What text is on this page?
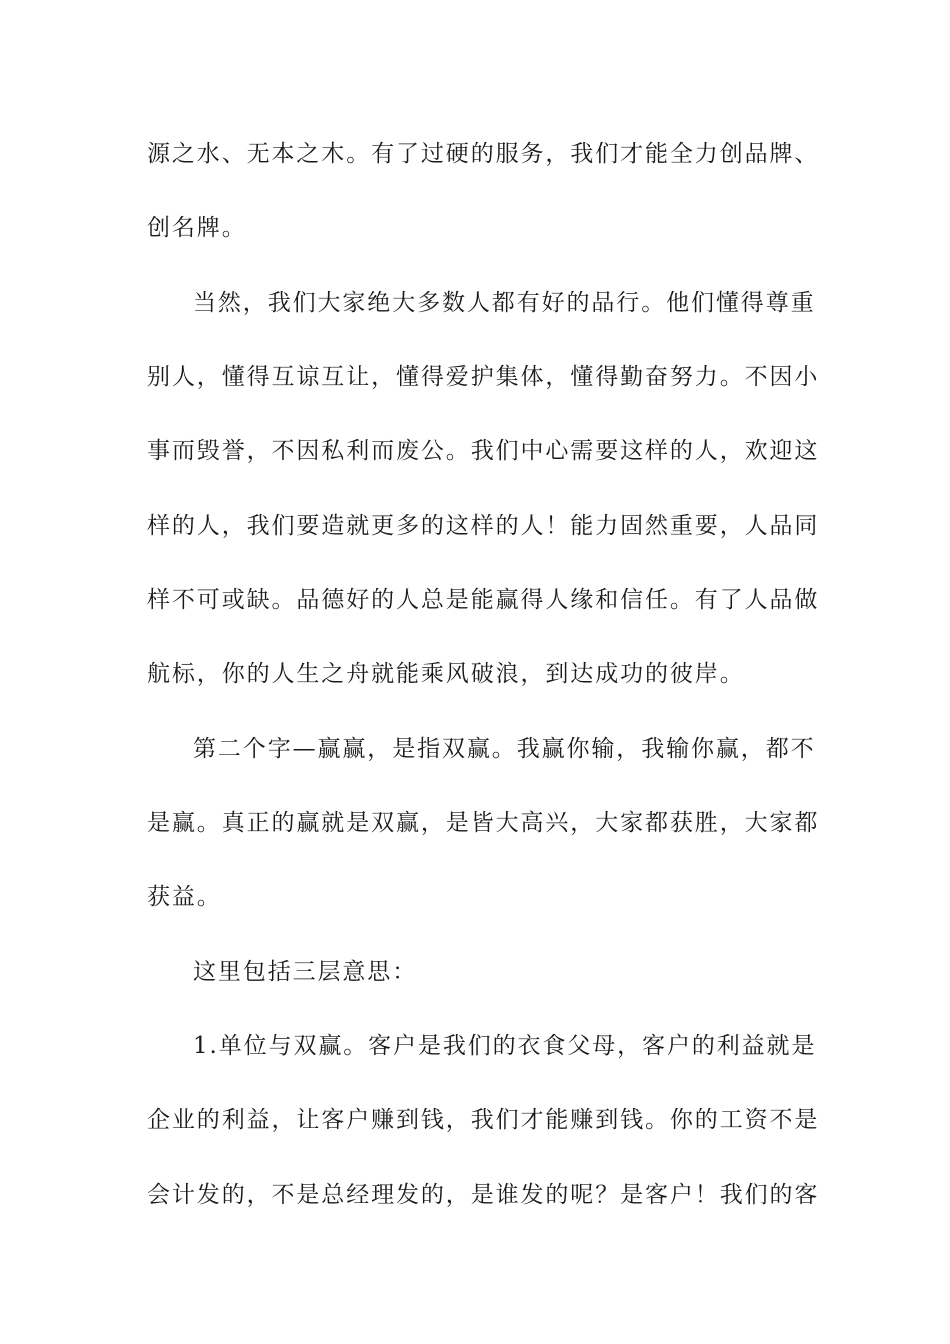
源之水、无本之木。有了过硬的服务，我们才能全力创品牌、

创名牌。

当然，我们大家绝大多数人都有好的品行。他们懂得尊重

别人，懂得互谅互让，懂得爱护集体，懂得勤奋努力。不因小

事而毁誉，不因私利而废公。我们中心需要这样的人，欢迎这

样的人，我们要造就更多的这样的人！能力固然重要，人品同

样不可或缺。品德好的人总是能赢得人缘和信任。有了人品做

航标，你的人生之舟就能乘风破浪，到达成功的彼岸。

第二个字—赢赢，是指双赢。我赢你输，我输你赢，都不

是赢。真正的赢就是双赢，是皆大高兴，大家都获胜，大家都

获益。

这里包括三层意思：

1.单位与双赢。客户是我们的衣食父母，客户的利益就是

企业的利益，让客户赚到钱，我们才能赚到钱。你的工资不是

会计发的，不是总经理发的，是谁发的呢？是客户！我们的客
